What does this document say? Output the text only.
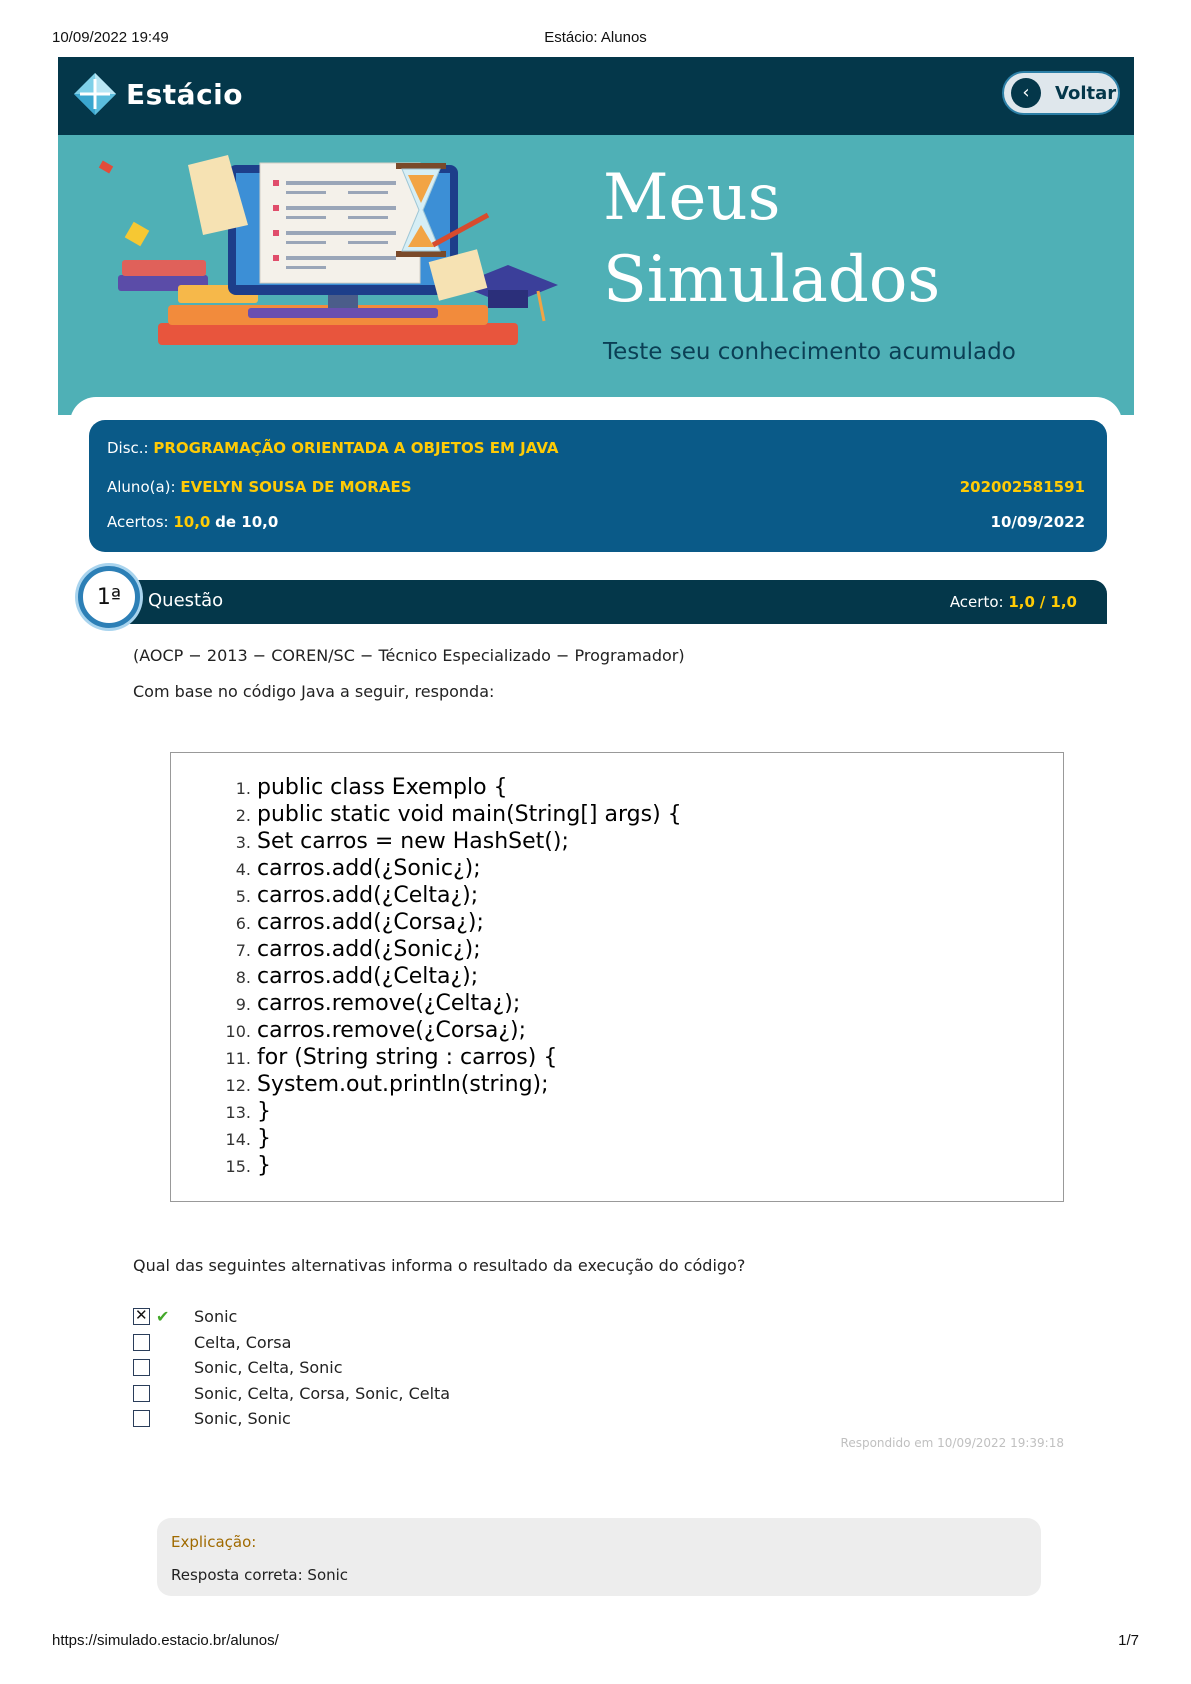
10/09/2022 19:49	Estácio: Alunos
Estácio	‹	Voltar
Meus
Simulados
Teste seu conhecimento acumulado
Disc.: PROGRAMAÇÃO ORIENTADA A OBJETOS EM JAVA
Aluno(a): EVELYN SOUSA DE MORAES	202002581591
Acertos: 10,0 de 10,0	10/09/2022
Questão	Acerto: 1,0 / 1,0
1ª
(AOCP − 2013 − COREN/SC − Técnico Especializado − Programador)
Com base no código Java a seguir, responda:
1. public class Exemplo {
2. public static void main(String[] args) {
3. Set carros = new HashSet();
4. carros.add(¿Sonic¿);
5. carros.add(¿Celta¿);
6. carros.add(¿Corsa¿);
7. carros.add(¿Sonic¿);
8. carros.add(¿Celta¿);
9. carros.remove(¿Celta¿);
10. carros.remove(¿Corsa¿);
11. for (String string : carros) {
12. System.out.println(string);
13. }
14. }
15. }
Qual das seguintes alternativas informa o resultado da execução do código?
✕
✔	Sonic
Celta, Corsa
Sonic, Celta, Sonic
Sonic, Celta, Corsa, Sonic, Celta
Sonic, Sonic
Respondido em 10/09/2022 19:39:18
Explicação:
Resposta correta: Sonic
https://simulado.estacio.br/alunos/	1/7
